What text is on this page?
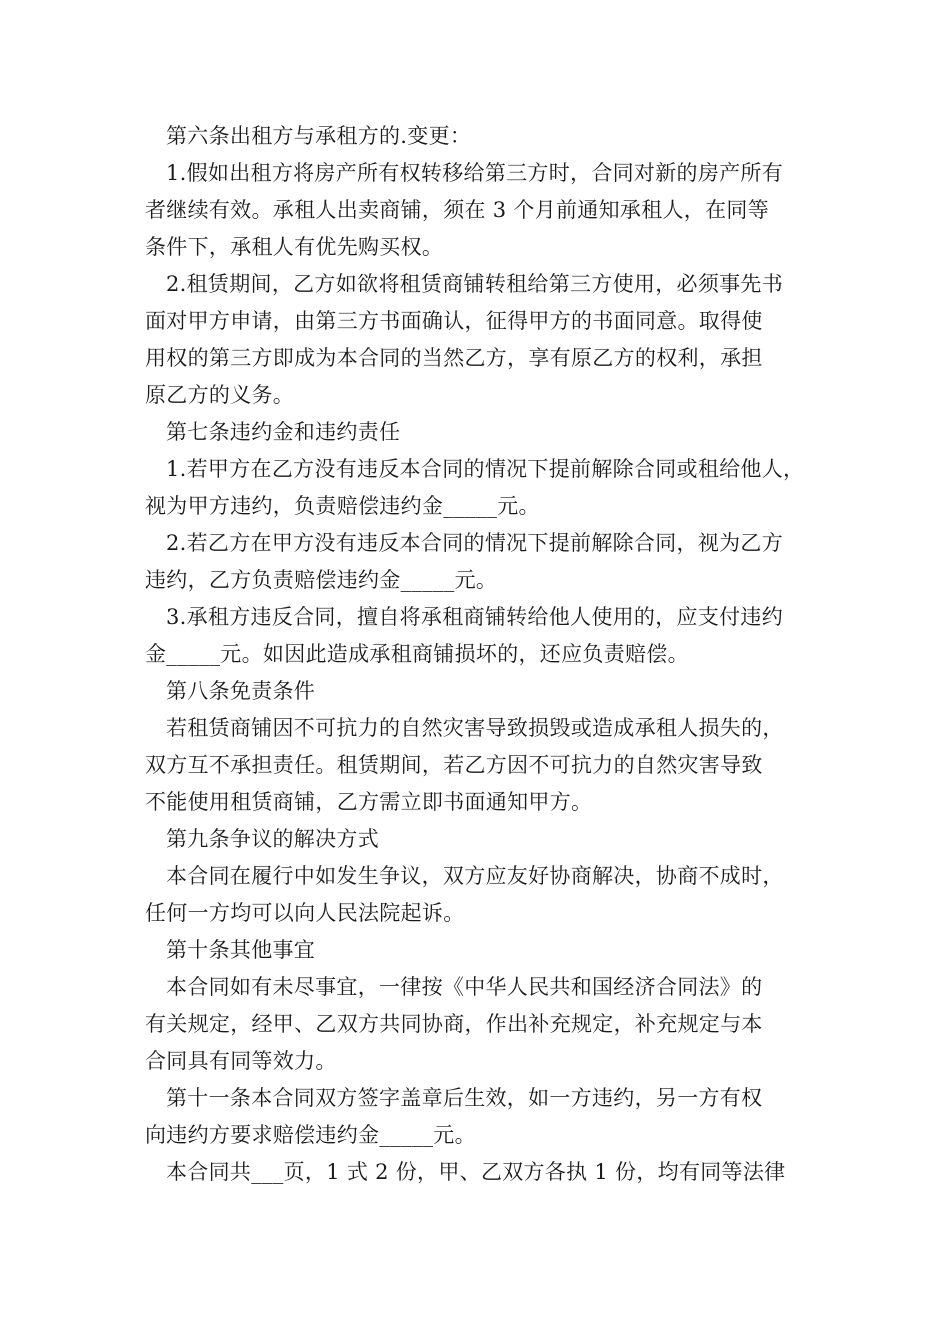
第六条出租方与承租方的.变更：

1.假如出租方将房产所有权转移给第三方时，合同对新的房产所有
者继续有效。承租人出卖商铺，须在 3 个月前通知承租人，在同等
条件下，承租人有优先购买权。

2.租赁期间，乙方如欲将租赁商铺转租给第三方使用，必须事先书
面对甲方申请，由第三方书面确认，征得甲方的书面同意。取得使
用权的第三方即成为本合同的当然乙方，享有原乙方的权利，承担
原乙方的义务。

第七条违约金和违约责任

1.若甲方在乙方没有违反本合同的情况下提前解除合同或租给他人，
视为甲方违约，负责赔偿违约金_____元。

2.若乙方在甲方没有违反本合同的情况下提前解除合同，视为乙方
违约，乙方负责赔偿违约金_____元。

3.承租方违反合同，擅自将承租商铺转给他人使用的，应支付违约
金_____元。如因此造成承租商铺损坏的，还应负责赔偿。

第八条免责条件

若租赁商铺因不可抗力的自然灾害导致损毁或造成承租人损失的，
双方互不承担责任。租赁期间，若乙方因不可抗力的自然灾害导致
不能使用租赁商铺，乙方需立即书面通知甲方。

第九条争议的解决方式

本合同在履行中如发生争议，双方应友好协商解决，协商不成时，
任何一方均可以向人民法院起诉。

第十条其他事宜

本合同如有未尽事宜，一律按《中华人民共和国经济合同法》的
有关规定，经甲、乙双方共同协商，作出补充规定，补充规定与本
合同具有同等效力。

第十一条本合同双方签字盖章后生效，如一方违约，另一方有权
向违约方要求赔偿违约金_____元。

本合同共___页，1 式 2 份，甲、乙双方各执 1 份，均有同等法律
